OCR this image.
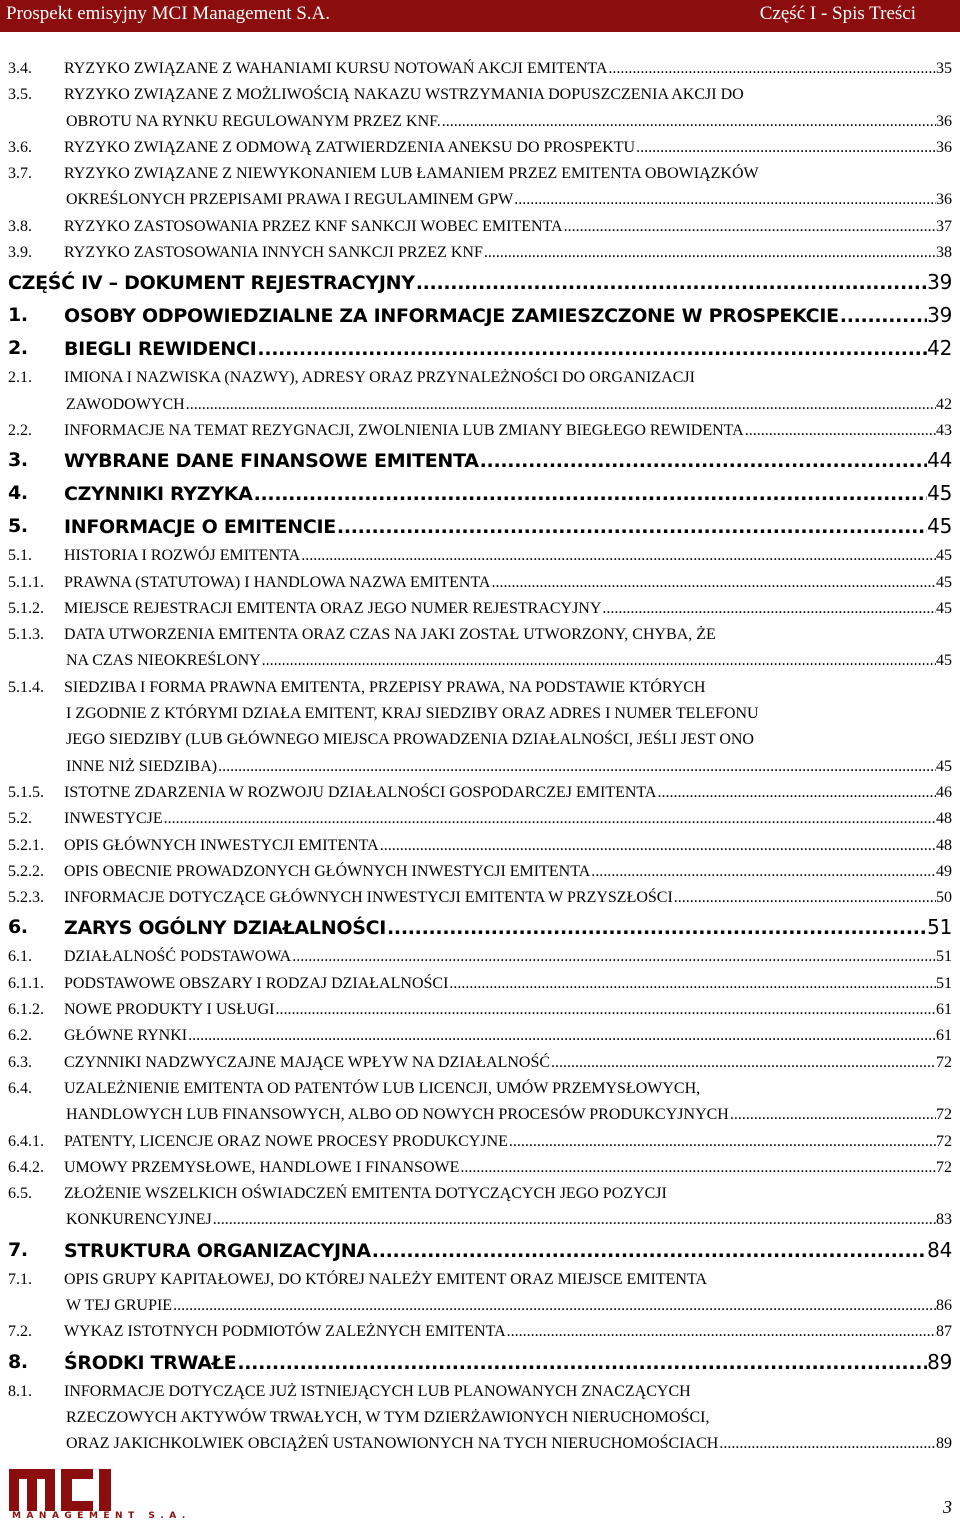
Prospekt emisyjny MCI Management S.A.	Część I - Spis Treści
3.4. RYZYKO ZWIĄZANE Z WAHANIAMI KURSU NOTOWAŃ AKCJI EMITENTA .....	35
3.5. RYZYKO ZWIĄZANE Z MOŻLIWOŚCIĄ NAKAZU WSTRZYMANIA DOPUSZCZENIA AKCJI DO
OBROTU NA RYNKU REGULOWANYM PRZEZ KNF. .....	36
3.6. RYZYKO ZWIĄZANE Z ODMOWĄ ZATWIERDZENIA ANEKSU DO PROSPEKTU .....	36
3.7. RYZYKO ZWIĄZANE Z NIEWYKONANIEM LUB ŁAMANIEM PRZEZ EMITENTA OBOWIĄZKÓW
OKREŚLONYCH PRZEPISAMI PRAWA I REGULAMINEM GPW .....	36
3.8. RYZYKO ZASTOSOWANIA PRZEZ KNF SANKCJI WOBEC EMITENTA .....	37
3.9. RYZYKO ZASTOSOWANIA INNYCH SANKCJI PRZEZ KNF .....	38
CZĘŚĆ IV – DOKUMENT REJESTRACYJNY .....	39
1. OSOBY ODPOWIEDZIALNE ZA INFORMACJE ZAMIESZCZONE W PROSPEKCIE .....	39
2. BIEGLI REWIDENCI .....	42
2.1. IMIONA I NAZWISKA (NAZWY), ADRESY ORAZ PRZYNALEŻNOŚCI DO ORGANIZACJI
ZAWODOWYCH .....	42
2.2. INFORMACJE NA TEMAT REZYGNACJI, ZWOLNIENIA LUB ZMIANY BIEGŁEGO REWIDENTA .....	43
3. WYBRANE DANE FINANSOWE EMITENTA .....	44
4. CZYNNIKI RYZYKA .....	45
5. INFORMACJE O EMITENCIE .....	45
5.1. HISTORIA I ROZWÓJ EMITENTA .....	45
5.1.1. PRAWNA (STATUTOWA) I HANDLOWA NAZWA EMITENTA .....	45
5.1.2. MIEJSCE REJESTRACJI EMITENTA ORAZ JEGO NUMER REJESTRACYJNY .....	45
5.1.3. DATA UTWORZENIA EMITENTA ORAZ CZAS NA JAKI ZOSTAŁ UTWORZONY, CHYBA, ŻE
NA CZAS NIEOKREŚLONY .....	45
5.1.4. SIEDZIBA I FORMA PRAWNA EMITENTA, PRZEPISY PRAWA, NA PODSTAWIE KTÓRYCH
I ZGODNIE Z KTÓRYMI DZIAŁA EMITENT, KRAJ SIEDZIBY ORAZ ADRES I NUMER TELEFONU
JEGO SIEDZIBY (LUB GŁÓWNEGO MIEJSCA PROWADZENIA DZIAŁALNOŚCI, JEŚLI JEST ONO
INNE NIŻ SIEDZIBA) .....	45
5.1.5. ISTOTNE ZDARZENIA W ROZWOJU DZIAŁALNOŚCI GOSPODARCZEJ EMITENTA .....	46
5.2. INWESTYCJE .....	48
5.2.1. OPIS GŁÓWNYCH INWESTYCJI EMITENTA .....	48
5.2.2. OPIS OBECNIE PROWADZONYCH GŁÓWNYCH INWESTYCJI EMITENTA .....	49
5.2.3. INFORMACJE DOTYCZĄCE GŁÓWNYCH INWESTYCJI EMITENTA W PRZYSZŁOŚCI .....	50
6. ZARYS OGÓLNY DZIAŁALNOŚCI .....	51
6.1. DZIAŁALNOŚĆ PODSTAWOWA .....	51
6.1.1. PODSTAWOWE OBSZARY I RODZAJ DZIAŁALNOŚCI .....	51
6.1.2. NOWE PRODUKTY I USŁUGI .....	61
6.2. GŁÓWNE RYNKI .....	61
6.3. CZYNNIKI NADZWYCZAJNE MAJĄCE WPŁYW NA DZIAŁALNOŚĆ .....	72
6.4. UZALEŻNIENIE EMITENTA OD PATENTÓW LUB LICENCJI, UMÓW PRZEMYSŁOWYCH,
HANDLOWYCH LUB FINANSOWYCH, ALBO OD NOWYCH PROCESÓW PRODUKCYJNYCH .....	72
6.4.1. PATENTY, LICENCJE ORAZ NOWE PROCESY PRODUKCYJNE .....	72
6.4.2. UMOWY PRZEMYSŁOWE, HANDLOWE I FINANSOWE .....	72
6.5. ZŁOŻENIE WSZELKICH OŚWIADCZEŃ EMITENTA DOTYCZĄCYCH JEGO POZYCJI
KONKURENCYJNEJ .....	83
7. STRUKTURA ORGANIZACYJNA .....	84
7.1. OPIS GRUPY KAPITAŁOWEJ, DO KTÓREJ NALEŻY EMITENT ORAZ MIEJSCE EMITENTA
W TEJ GRUPIE .....	86
7.2. WYKAZ ISTOTNYCH PODMIOTÓW ZALEŻNYCH EMITENTA .....	87
8. ŚRODKI TRWAŁE .....	89
8.1. INFORMACJE DOTYCZĄCE JUŻ ISTNIEJĄCYCH LUB PLANOWANYCH ZNACZĄCYCH
RZECZOWYCH AKTYWÓW TRWAŁYCH, W TYM DZIERŻAWIONYCH NIERUCHOMOŚCI,
ORAZ JAKICHKOLWIEK OBCIĄŻEŃ USTANOWIONYCH NA TYCH NIERUCHOMOŚCIACH .....	89
MANAGEMENT S.A.	3
